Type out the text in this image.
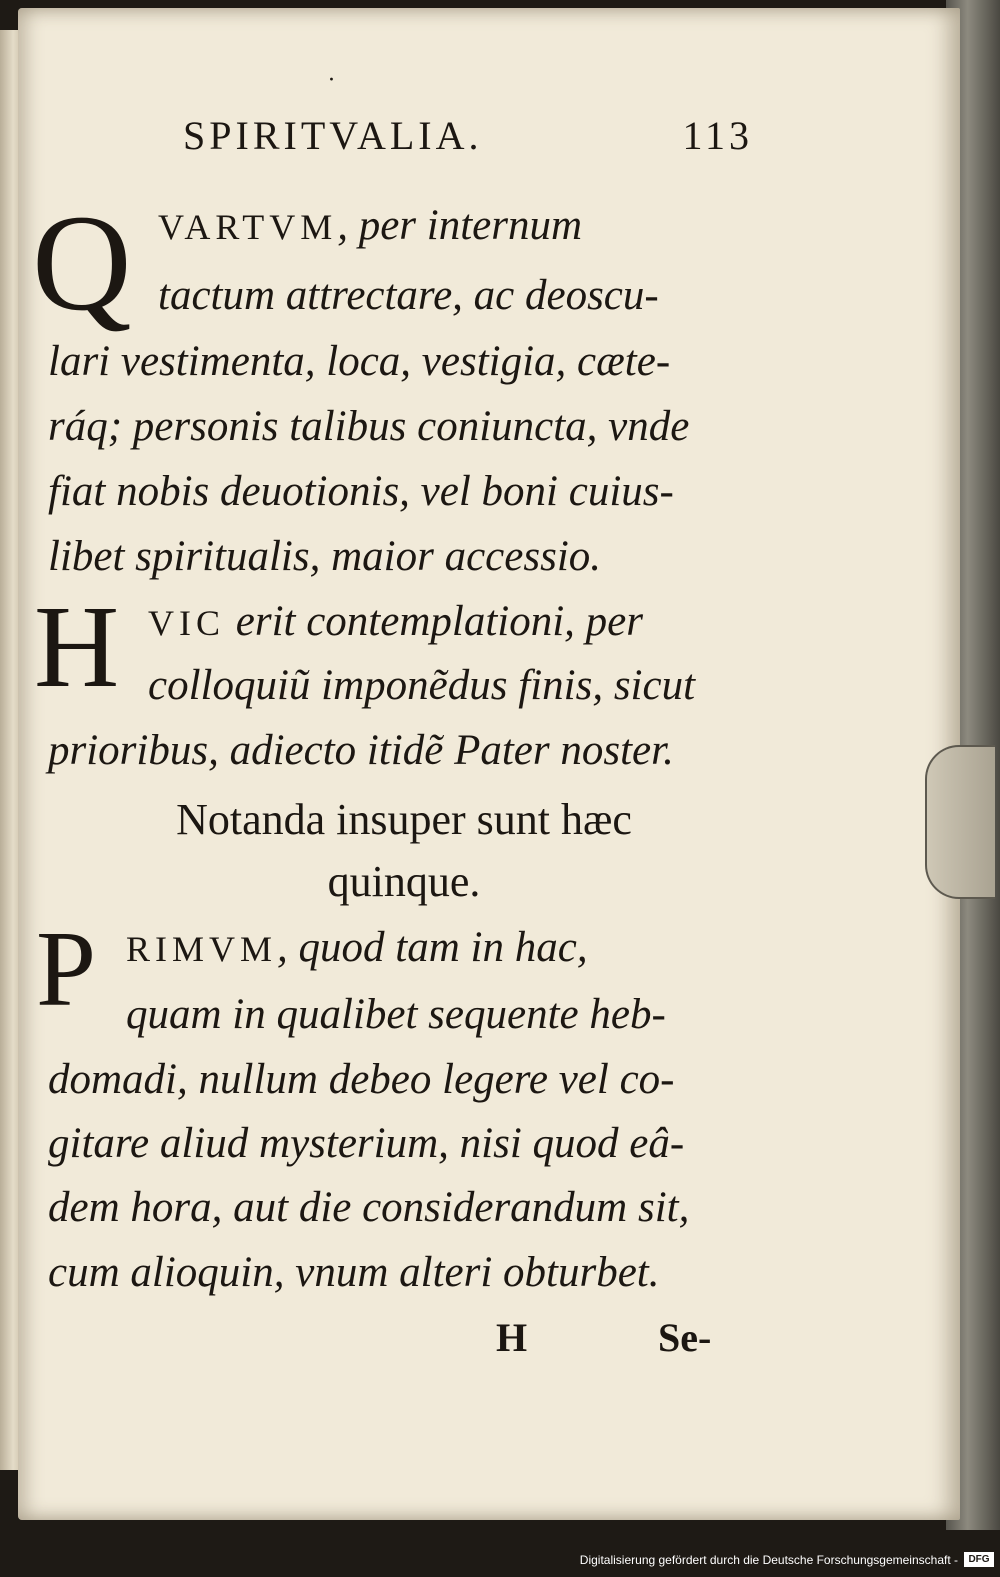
·
SPIRITVALIA.	113
Q VARTVM, per internum
tactum attrectare, ac deoscu-
lari vestimenta, loca, vestigia, cæte-
ráq; personis talibus coniuncta, vnde
fiat nobis deuotionis, vel boni cuius-
libet spiritualis, maior accessio.
H VIC erit contemplationi, per
colloquiũ imponẽdus finis, sicut
prioribus, adiecto itidẽ Pater noster.
Notanda insuper sunt hæc
quinque.
P RIMVM, quod tam in hac,
quam in qualibet sequente heb-
domadi, nullum debeo legere vel co-
gitare aliud mysterium, nisi quod eâ-
dem hora, aut die considerandum sit,
cum alioquin, vnum alteri obturbet.
H	Se-
Digitalisierung gefördert durch die Deutsche Forschungsgemeinschaft -	DFG
